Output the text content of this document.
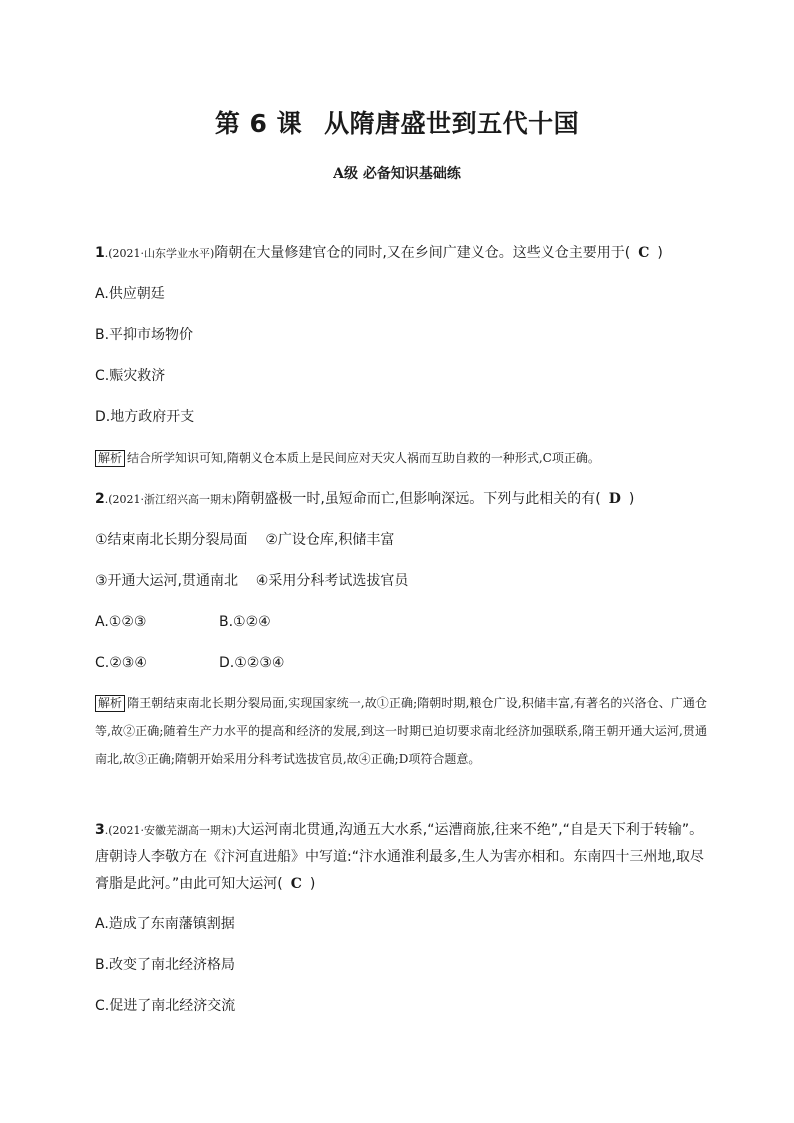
第 6 课 从隋唐盛世到五代十国
A级 必备知识基础练
1.(2021·山东学业水平)隋朝在大量修建官仓的同时,又在乡间广建义仓。这些义仓主要用于( C )
A.供应朝廷
B.平抑市场物价
C.赈灾救济
D.地方政府开支
解析 结合所学知识可知,隋朝义仓本质上是民间应对天灾人祸而互助自救的一种形式,C项正确。
2.(2021·浙江绍兴高一期末)隋朝盛极一时,虽短命而亡,但影响深远。下列与此相关的有( D )
①结束南北长期分裂局面    ②广设仓库,积储丰富
③开通大运河,贯通南北    ④采用分科考试选拔官员
A.①②③	B.①②④
C.②③④	D.①②③④
解析 隋王朝结束南北长期分裂局面,实现国家统一,故①正确;隋朝时期,粮仓广设,积储丰富,有著名的兴洛仓、广通仓等,故②正确;随着生产力水平的提高和经济的发展,到这一时期已迫切要求南北经济加强联系,隋王朝开通大运河,贯通南北,故③正确;隋朝开始采用分科考试选拔官员,故④正确;D项符合题意。
3.(2021·安徽芜湖高一期末)大运河南北贯通,沟通五大水系,“运漕商旅,往来不绝”,“自是天下利于转输”。唐朝诗人李敬方在《汴河直进船》中写道:“汴水通淮利最多,生人为害亦相和。东南四十三州地,取尽膏脂是此河。”由此可知大运河( C )
A.造成了东南藩镇割据
B.改变了南北经济格局
C.促进了南北经济交流
